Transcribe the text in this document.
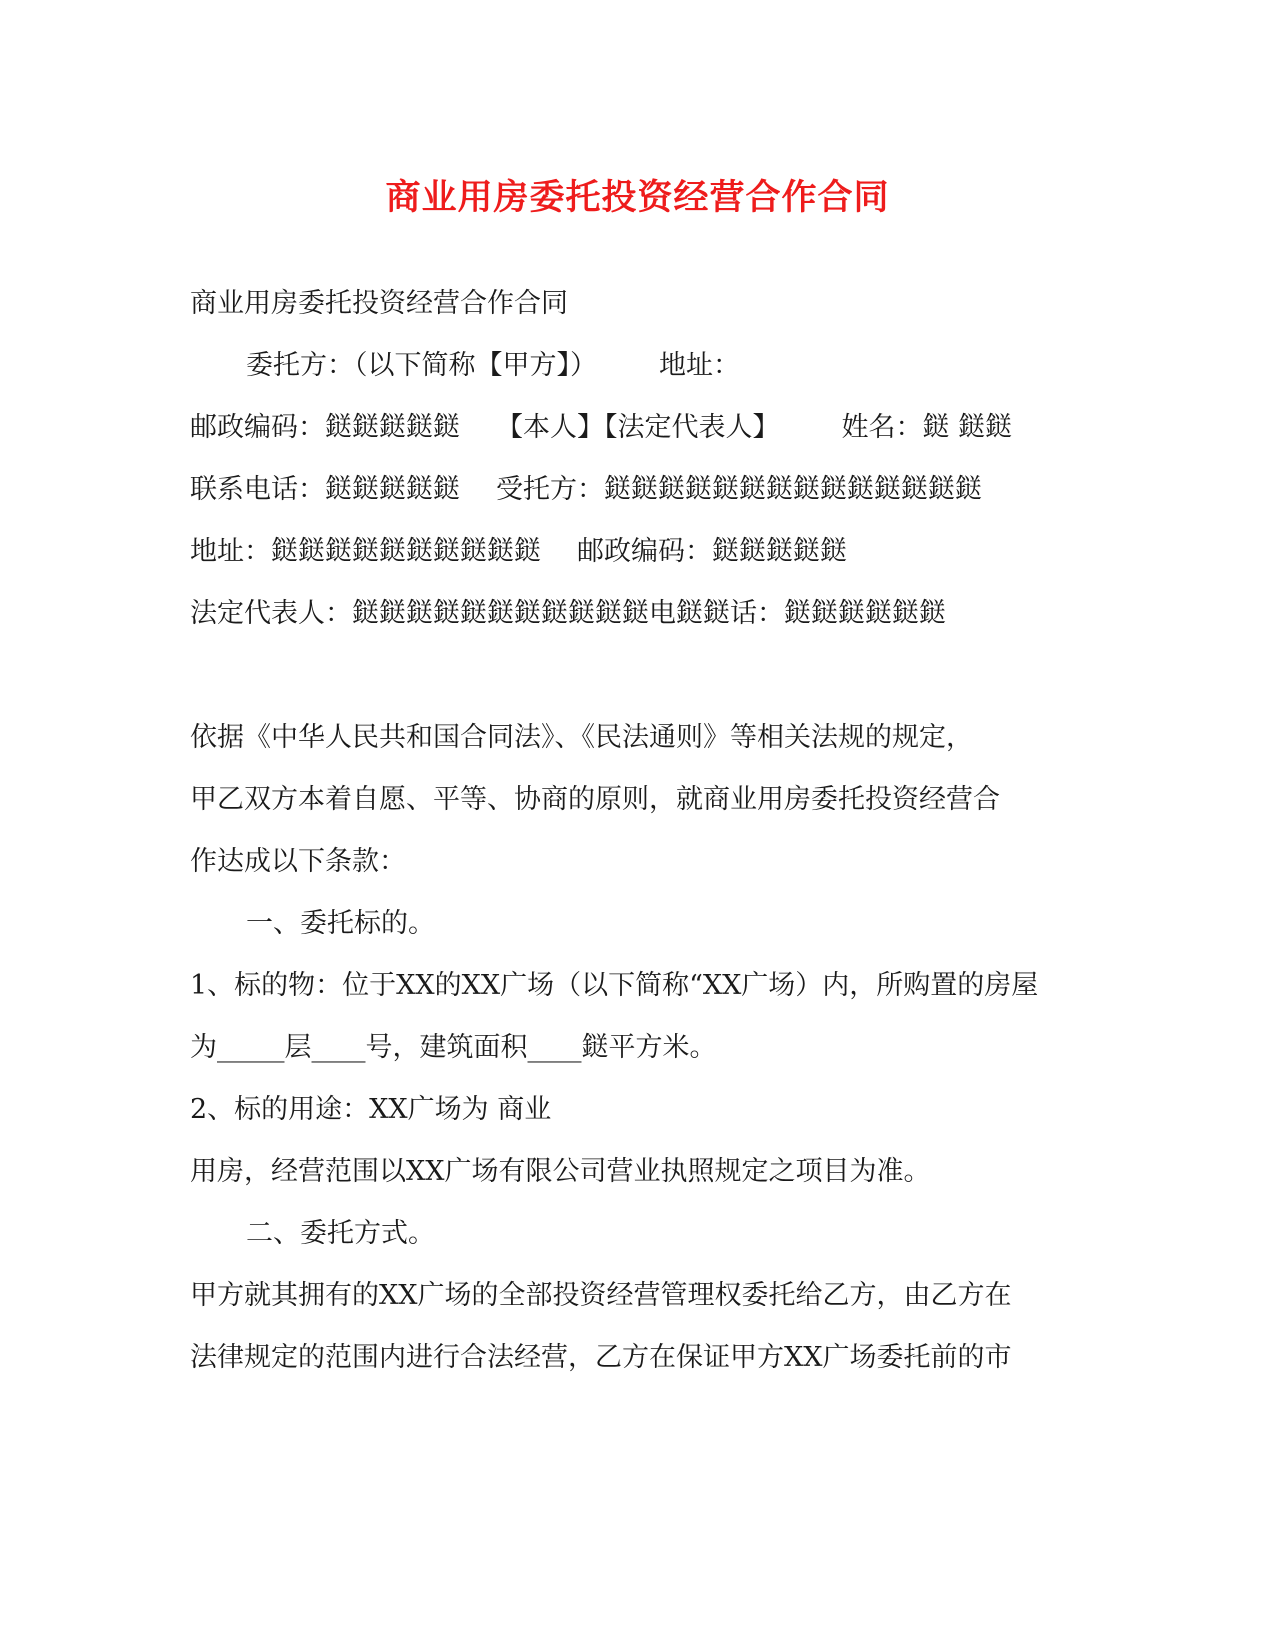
商业用房委托投资经营合作合同
商业用房委托投资经营合作合同
委托方：（以下简称【甲方】） 地址：
邮政编码：鎹鎹鎹鎹鎹 【本人】【法定代表人】 姓名：鎹 鎹鎹
联系电话：鎹鎹鎹鎹鎹 受托方：鎹鎹鎹鎹鎹鎹鎹鎹鎹鎹鎹鎹鎹鎹
地址：鎹鎹鎹鎹鎹鎹鎹鎹鎹鎹 邮政编码：鎹鎹鎹鎹鎹
法定代表人：鎹鎹鎹鎹鎹鎹鎹鎹鎹鎹鎹电鎹鎹话：鎹鎹鎹鎹鎹鎹
依据《中华人民共和国合同法》、《民法通则》等相关法规的规定，
甲乙双方本着自愿、平等、协商的原则，就商业用房委托投资经营合
作达成以下条款：
一、委托标的。
1、标的物：位于XX的XX广场（以下简称“XX广场）内，所购置的房屋
为_____层____号，建筑面积____鎹平方米。
2、标的用途：XX广场为 商业
用房，经营范围以XX广场有限公司营业执照规定之项目为准。
二、委托方式。
甲方就其拥有的XX广场的全部投资经营管理权委托给乙方，由乙方在
法律规定的范围内进行合法经营，乙方在保证甲方XX广场委托前的市
